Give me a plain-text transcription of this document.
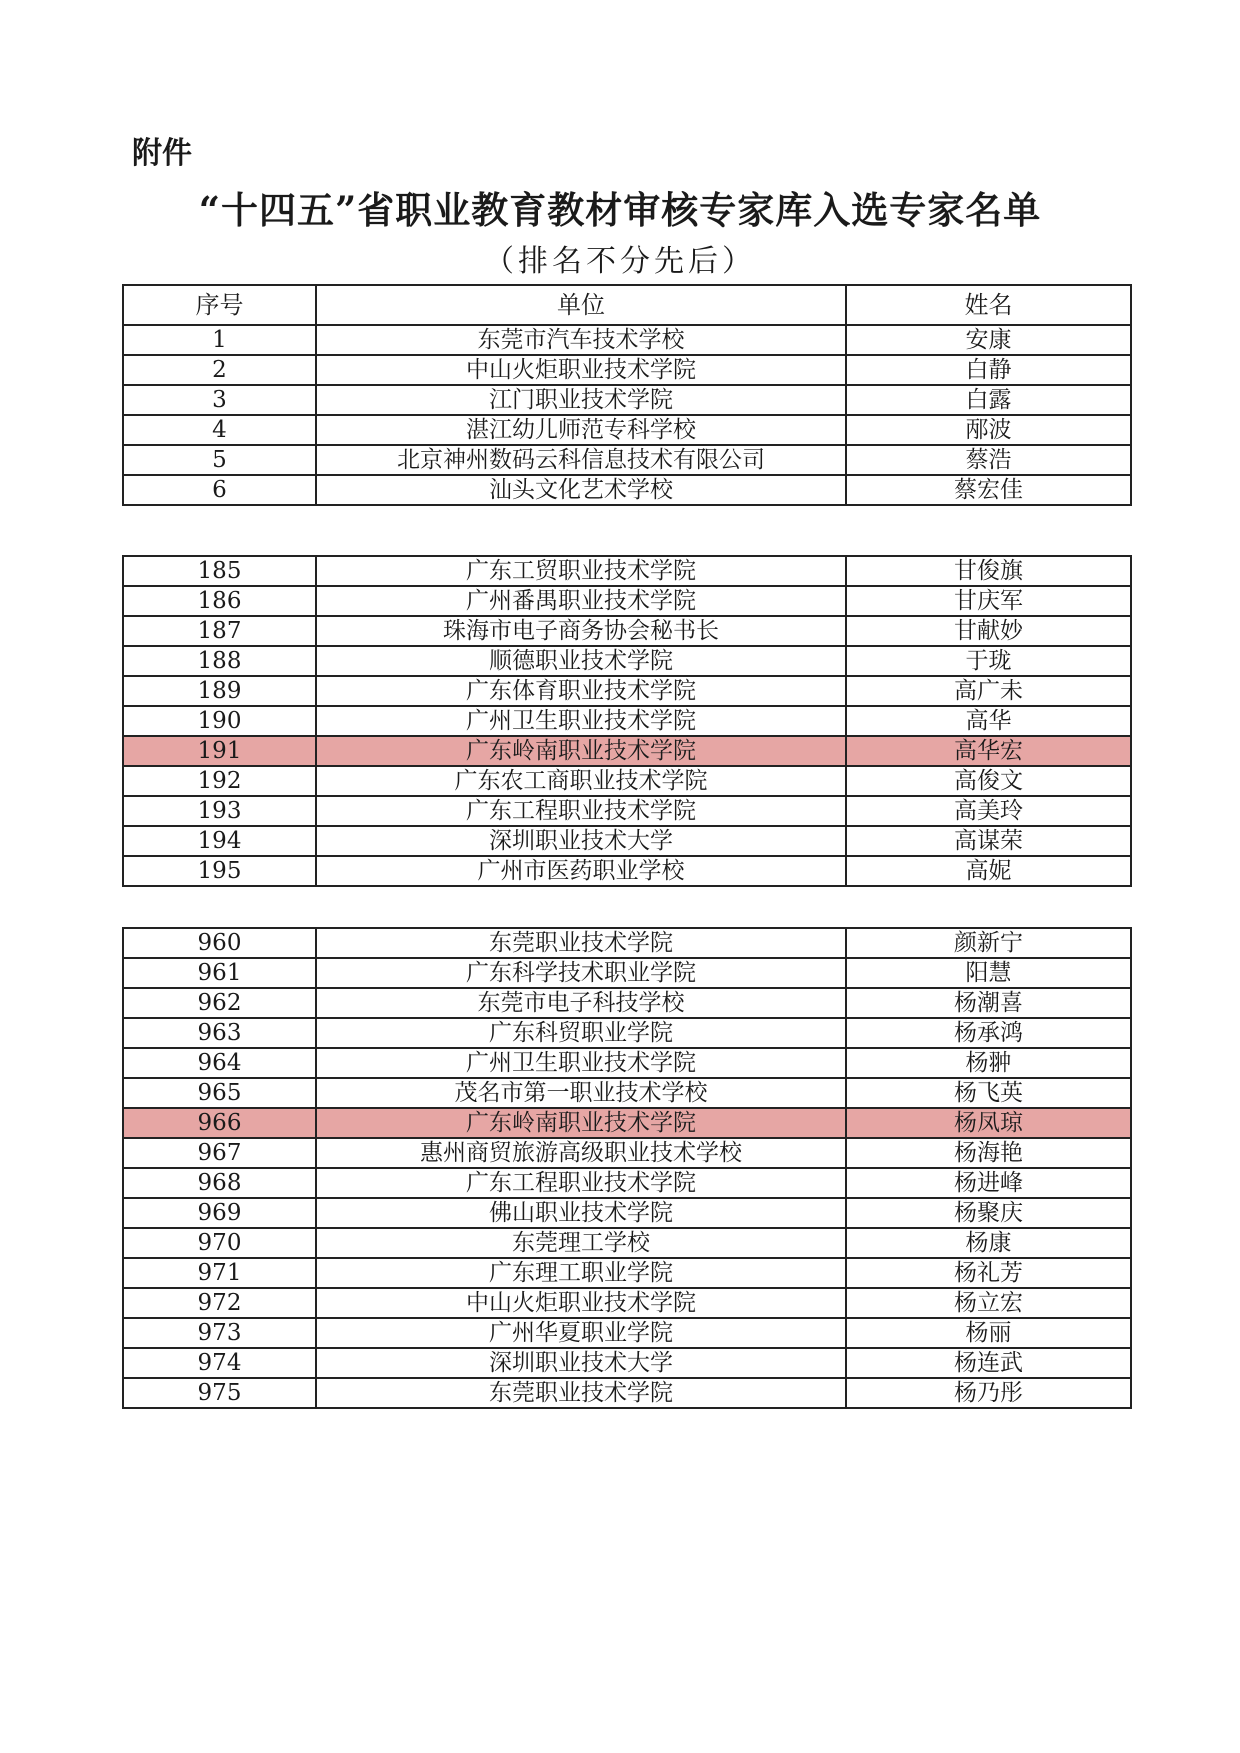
附件
“十四五”省职业教育教材审核专家库入选专家名单
（排名不分先后）
序号	单位	姓名
1	东莞市汽车技术学校	安康
2	中山火炬职业技术学院	白静
3	江门职业技术学院	白露
4	湛江幼儿师范专科学校	邴波
5	北京神州数码云科信息技术有限公司	蔡浩
6	汕头文化艺术学校	蔡宏佳
185	广东工贸职业技术学院	甘俊旗
186	广州番禺职业技术学院	甘庆军
187	珠海市电子商务协会秘书长	甘献妙
188	顺德职业技术学院	于珑
189	广东体育职业技术学院	高广未
190	广州卫生职业技术学院	高华
191	广东岭南职业技术学院	高华宏
192	广东农工商职业技术学院	高俊文
193	广东工程职业技术学院	高美玲
194	深圳职业技术大学	高谋荣
195	广州市医药职业学校	高妮
960	东莞职业技术学院	颜新宁
961	广东科学技术职业学院	阳慧
962	东莞市电子科技学校	杨潮喜
963	广东科贸职业学院	杨承鸿
964	广州卫生职业技术学院	杨翀
965	茂名市第一职业技术学校	杨飞英
966	广东岭南职业技术学院	杨凤琼
967	惠州商贸旅游高级职业技术学校	杨海艳
968	广东工程职业技术学院	杨进峰
969	佛山职业技术学院	杨聚庆
970	东莞理工学校	杨康
971	广东理工职业学院	杨礼芳
972	中山火炬职业技术学院	杨立宏
973	广州华夏职业学院	杨丽
974	深圳职业技术大学	杨连武
975	东莞职业技术学院	杨乃彤
